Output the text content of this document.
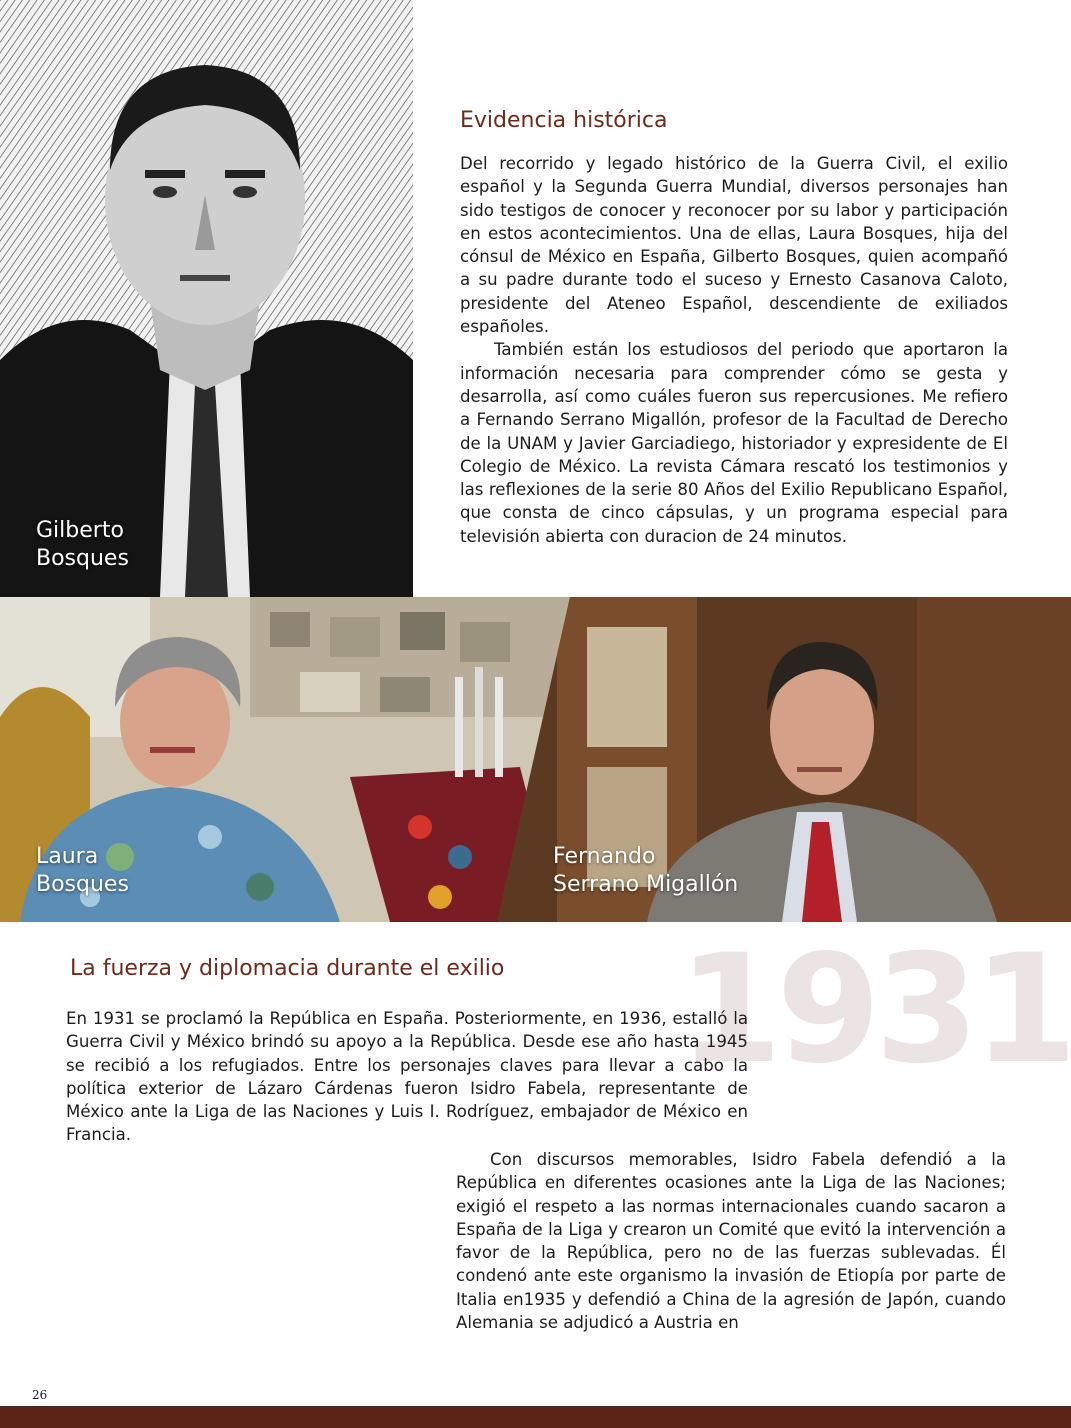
Gilberto
Bosques
Laura
Bosques
Fernando
Serrano Migallón
Evidencia histórica

Del recorrido y legado histórico de la Guerra Civil, el exilio español y la Segunda Guerra Mundial, diversos personajes han sido testigos de conocer y reconocer por su labor y participación en estos acontecimientos. Una de ellas, Laura Bosques, hija del cónsul de México en España, Gilberto Bosques, quien acompañó a su padre durante todo el suceso y Ernesto Casanova Caloto, presidente del Ateneo Español, descendiente de exiliados españoles.

También están los estudiosos del periodo que aportaron la información necesaria para comprender cómo se gesta y desarrolla, así como cuáles fueron sus repercusiones. Me refiero a Fernando Serrano Migallón, profesor de la Facultad de Derecho de la UNAM y Javier Garciadiego, historiador y expresidente de El Colegio de México. La revista Cámara rescató los testimonios y las reflexiones de la serie 80 Años del Exilio Republicano Español, que consta de cinco cápsulas, y un programa especial para televisión abierta con duracion de 24 minutos.

1931
La fuerza y diplomacia durante el exilio

En 1931 se proclamó la República en España. Posteriormente, en 1936, estalló la Guerra Civil y México brindó su apoyo a la República. Desde ese año hasta 1945 se recibió a los refugiados. Entre los personajes claves para llevar a cabo la política exterior de Lázaro Cárdenas fueron Isidro Fabela, representante de México ante la Liga de las Naciones y Luis I. Rodríguez, embajador de México en Francia.

Con discursos memorables, Isidro Fabela defendió a la República en diferentes ocasiones ante la Liga de las Naciones; exigió el respeto a las normas internacionales cuando sacaron a España de la Liga y crearon un Comité que evitó la intervención a favor de la República, pero no de las fuerzas sublevadas. Él condenó ante este organismo la invasión de Etiopía por parte de Italia en1935 y defendió a China de la agresión de Japón, cuando Alemania se adjudicó a Austria en

26
